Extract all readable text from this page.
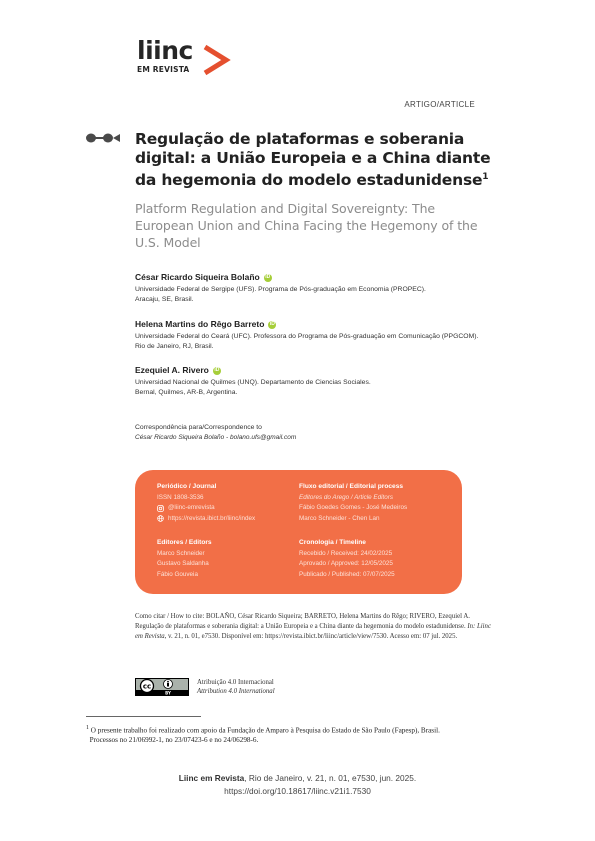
liinc
EM REVISTA
ARTIGO/ARTICLE
Regulação de plataformas e soberania digital: a União Europeia e a China diante da hegemonia do modelo estadunidense$^1$
Platform Regulation and Digital Sovereignty: The European Union and China Facing the Hegemony of the U.S. Model
César Ricardo Siqueira Bolaño	iD
Universidade Federal de Sergipe (UFS). Programa de Pós-graduação em Economia (PROPEC).
Aracaju, SE, Brasil.
Helena Martins do Rêgo Barreto	iD
Universidade Federal do Ceará (UFC). Professora do Programa de Pós-graduação em Comunicação (PPGCOM).
Rio de Janeiro, RJ, Brasil.
Ezequiel A. Rivero	iD
Universidad Nacional de Quilmes (UNQ). Departamento de Ciencias Sociales.
Bernal, Quilmes, AR-B, Argentina.
Correspondência para/Correspondence to
César Ricardo Siqueira Bolaño - bolano.ufs@gmail.com
Periódico / Journal
ISSN 1808-3536
@liinc-emrevista
https://revista.ibict.br/liinc/index
Editores / Editors
Marco Schneider
Gustavo Saldanha
Fábio Gouveia
Fluxo editorial / Editorial process
Editores do Arego / Article Editors
Fábio Goedes Gomes - José Medeiros
Marco Schneider - Chen Lan
Cronologia / Timeline
Recebido / Received: 24/02/2025
Aprovado / Approved: 12/05/2025
Publicado / Published: 07/07/2025
Como citar / How to cite: BOLAÑO, César Ricardo Siqueira; BARRETO, Helena Martins do Rêgo; RIVERO, Ezequiel A. Regulação de plataformas e soberania digital: a União Europeia e a China diante da hegemonia do modelo estadunidense. In: Liinc em Revista, v. 21, n. 01, e7530. Disponível em: https://revista.ibict.br/liinc/article/view/7530. Acesso em: 07 jul. 2025.
cc
BY
Atribuição 4.0 Internacional
Attribution 4.0 International
$^1$ O presente trabalho foi realizado com apoio da Fundação de Amparo à Pesquisa do Estado de São Paulo (Fapesp), Brasil.
Processos no 21/06992-1, no 23/07423-6 e no 24/06298-6.
Liinc em Revista, Rio de Janeiro, v. 21, n. 01, e7530, jun. 2025.
https://doi.org/10.18617/liinc.v21i1.7530
